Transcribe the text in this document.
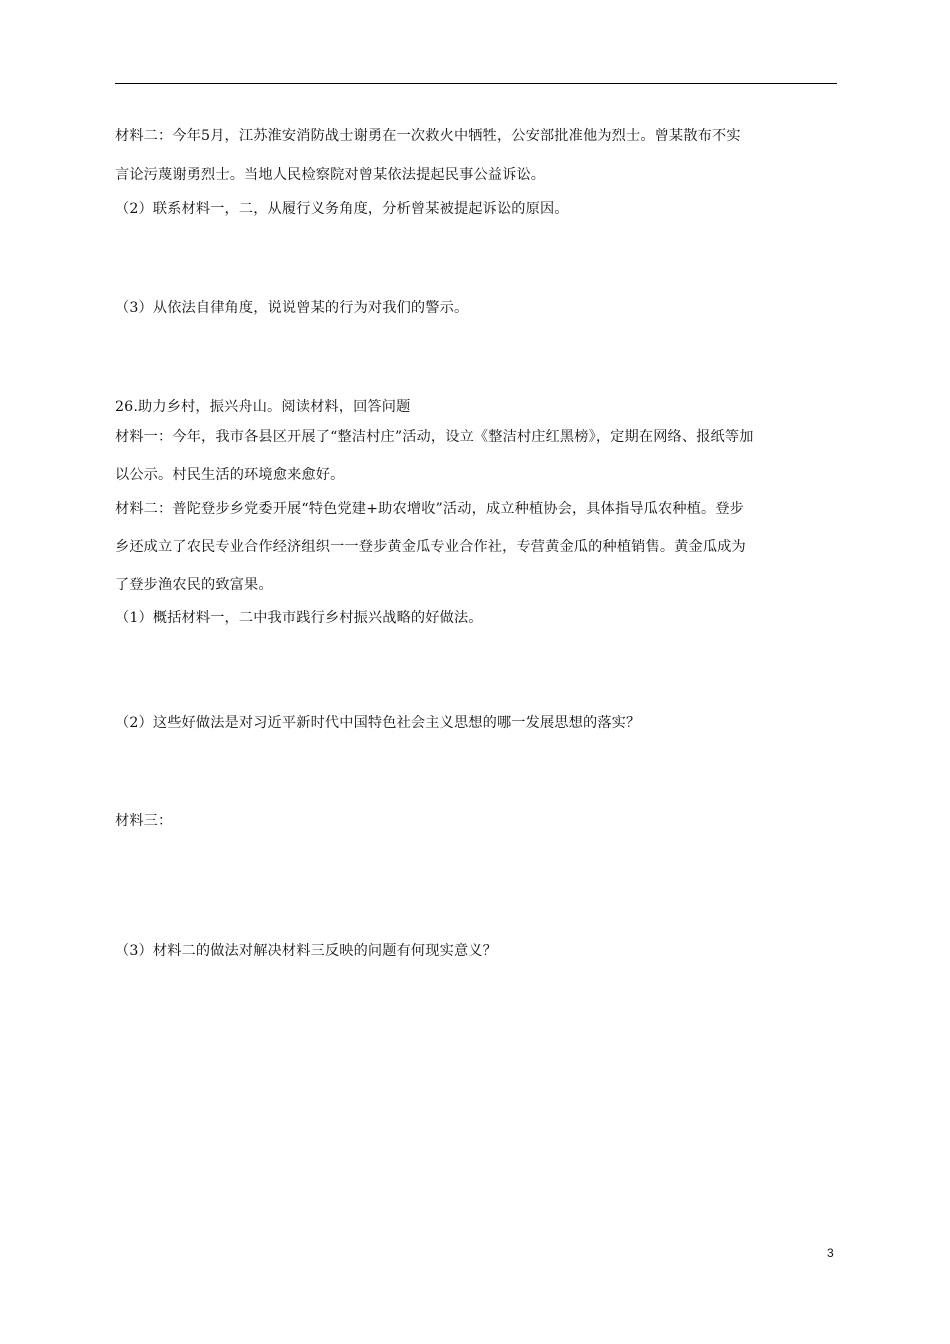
材料二：今年5月，江苏淮安消防战士谢勇在一次救火中牺牲，公安部批准他为烈士。曾某散布不实
言论污蔑谢勇烈士。当地人民检察院对曾某依法提起民事公益诉讼。
（2）联系材料一，二，从履行义务角度，分析曾某被提起诉讼的原因。
（3）从依法自律角度，说说曾某的行为对我们的警示。
26.助力乡村，振兴舟山。阅读材料，回答问题
材料一：今年，我市各县区开展了“整洁村庄”活动，设立《整洁村庄红黑榜》，定期在网络、报纸等加
以公示。村民生活的环境愈来愈好。
材料二：普陀登步乡党委开展“特色党建+助农增收”活动，成立种植协会，具体指导瓜农种植。登步
乡还成立了农民专业合作经济组织一一登步黄金瓜专业合作社，专营黄金瓜的种植销售。黄金瓜成为
了登步渔农民的致富果。
（1）概括材料一，二中我市践行乡村振兴战略的好做法。
（2）这些好做法是对习近平新时代中国特色社会主义思想的哪一发展思想的落实？
材料三：
（3）材料二的做法对解决材料三反映的问题有何现实意义？
3
